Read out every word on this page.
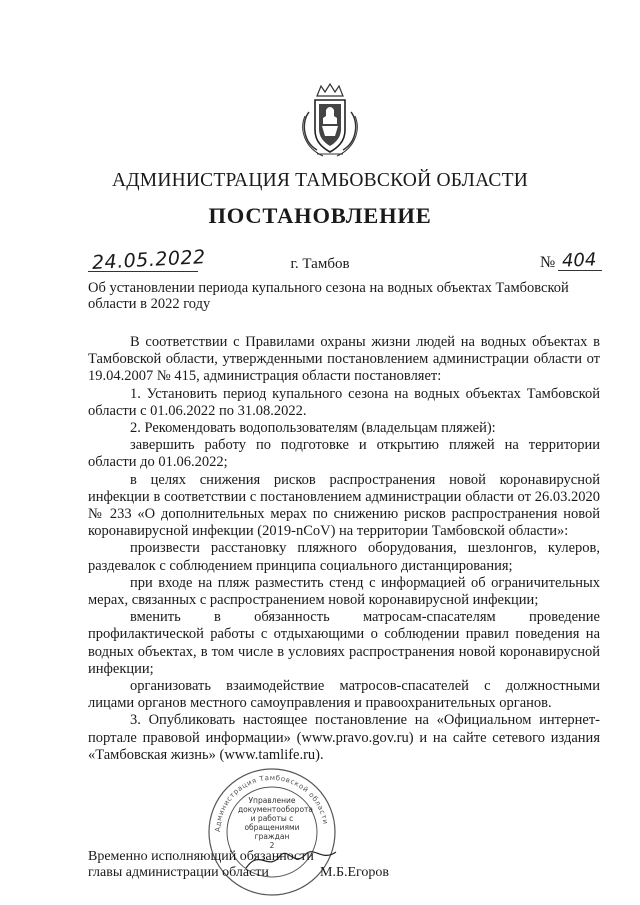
АДМИНИСТРАЦИЯ ТАМБОВСКОЙ ОБЛАСТИ
ПОСТАНОВЛЕНИЕ
24.05.2022	г. Тамбов	№ 404
Об установлении периода купального сезона на водных объектах Тамбовской области в 2022 году

В соответствии с Правилами охраны жизни людей на водных объектах в Тамбовской области, утвержденными постановлением администрации области от 19.04.2007 № 415, администрация области постановляет:

1. Установить период купального сезона на водных объектах Тамбовской области с 01.06.2022 по 31.08.2022.

2. Рекомендовать водопользователям (владельцам пляжей):

завершить работу по подготовке и открытию пляжей на территории области до 01.06.2022;

в целях снижения рисков распространения новой коронавирусной инфекции в соответствии с постановлением администрации области от 26.03.2020 № 233 «О дополнительных мерах по снижению рисков распространения новой коронавирусной инфекции (2019-nCoV) на территории Тамбовской области»:

произвести расстановку пляжного оборудования, шезлонгов, кулеров, раздевалок с соблюдением принципа социального дистанцирования;

при входе на пляж разместить стенд с информацией об ограничительных мерах, связанных с распространением новой коронавирусной инфекции;

вменить в обязанность матросам-спасателям проведение профилактической работы с отдыхающими о соблюдении правил поведения на водных объектах, в том числе в условиях распространения новой коронавирусной инфекции;

организовать взаимодействие матросов-спасателей с должностными лицами органов местного самоуправления и правоохранительных органов.

3. Опубликовать настоящее постановление на «Официальном интернет-портале правовой информации» (www.pravo.gov.ru) и на сайте сетевого издания «Тамбовская жизнь» (www.tamlife.ru).

Администрация Тамбовской области
Управление документооборота и работы с обращениями граждан
2
Временно исполняющий обязанности главы администрации области	М.Б.Егоров
